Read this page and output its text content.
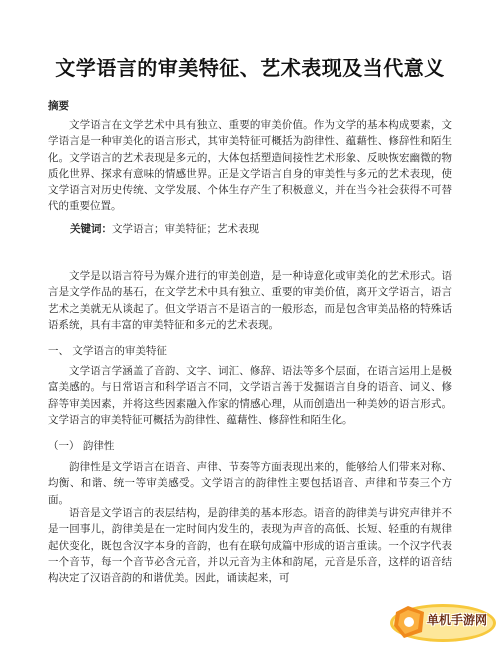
文学语言的审美特征、艺术表现及当代意义
摘要

文学语言在文学艺术中具有独立、重要的审美价值。作为文学的基本构成要素，文学语言是一种审美化的语言形式，其审美特征可概括为韵律性、蕴藉性、修辞性和陌生化。文学语言的艺术表现是多元的，大体包括塑造间接性艺术形象、反映恢宏幽微的物质化世界、探求有意味的情感世界。正是文学语言自身的审美性与多元的艺术表现，使文学语言对历史传统、文学发展、个体生存产生了积极意义，并在当今社会获得不可替代的重要位置。

关键词：文学语言；审美特征；艺术表现

文学是以语言符号为媒介进行的审美创造，是一种诗意化或审美化的艺术形式。语言是文学作品的基石，在文学艺术中具有独立、重要的审美价值，离开文学语言，语言艺术之美就无从谈起了。但文学语言不是语言的一般形态，而是包含审美品格的特殊话语系统，具有丰富的审美特征和多元的艺术表现。

一、 文学语言的审美特征

文学语言学涵盖了音韵、文字、词汇、修辞、语法等多个层面，在语言运用上是极富美感的。与日常语言和科学语言不同，文学语言善于发掘语言自身的语音、词义、修辞等审美因素，并将这些因素融入作家的情感心理，从而创造出一种美妙的语言形式。文学语言的审美特征可概括为韵律性、蕴藉性、修辞性和陌生化。

（一） 韵律性

韵律性是文学语言在语音、声律、节奏等方面表现出来的，能够给人们带来对称、均衡、和谐、统一等审美感受。文学语言的韵律性主要包括语音、声律和节奏三个方面。

语音是文学语言的表层结构，是韵律美的基本形态。语音的韵律美与讲究声律并不是一回事儿，韵律美是在一定时间内发生的，表现为声音的高低、长短、轻重的有规律起伏变化，既包含汉字本身的音韵，也有在联句成篇中形成的语言重读。一个汉字代表一个音节，每一个音节必含元音，并以元音为主体和韵尾，元音是乐音，这样的语音结构决定了汉语音韵的和谐优美。因此，诵读起来，可

单机手游网
